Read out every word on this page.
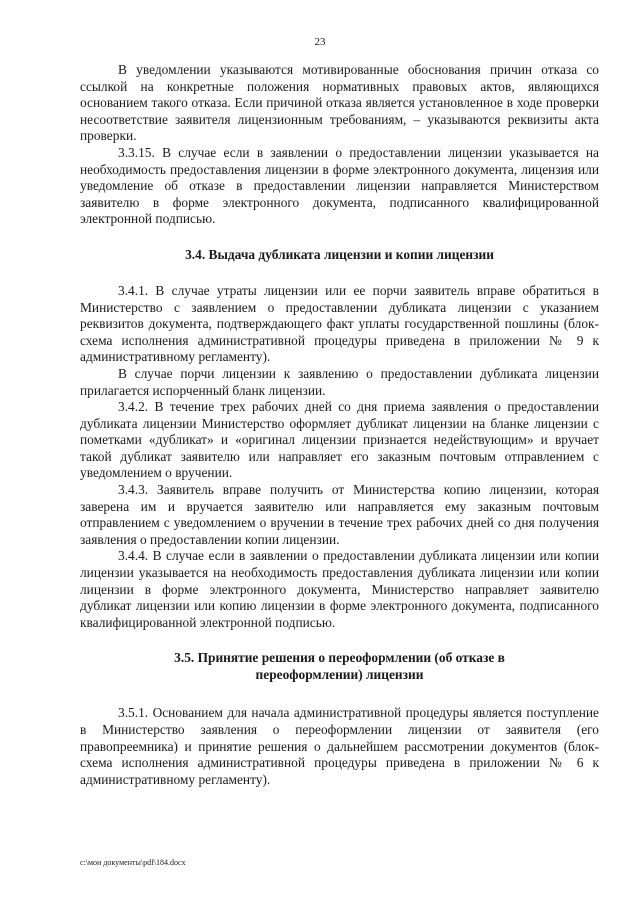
23

В уведомлении указываются мотивированные обоснования причин отказа со ссылкой на конкретные положения нормативных правовых актов, являющихся основанием такого отказа. Если причиной отказа является установленное в ходе проверки несоответствие заявителя лицензионным требованиям, – указываются реквизиты акта проверки.

3.3.15. В случае если в заявлении о предоставлении лицензии указывается на необходимость предоставления лицензии в форме электронного документа, лицензия или уведомление об отказе в предоставлении лицензии направляется Министерством заявителю в форме электронного документа, подписанного квалифицированной электронной подписью.

3.4. Выдача дубликата лицензии и копии лицензии

3.4.1. В случае утраты лицензии или ее порчи заявитель вправе обратиться в Министерство с заявлением о предоставлении дубликата лицензии с указанием реквизитов документа, подтверждающего факт уплаты государственной пошлины (блок-схема исполнения административной процедуры приведена в приложении № 9 к административному регламенту).

В случае порчи лицензии к заявлению о предоставлении дубликата лицензии прилагается испорченный бланк лицензии.

3.4.2. В течение трех рабочих дней со дня приема заявления о предоставлении дубликата лицензии Министерство оформляет дубликат лицензии на бланке лицензии с пометками «дубликат» и «оригинал лицензии признается недействующим» и вручает такой дубликат заявителю или направляет его заказным почтовым отправлением с уведомлением о вручении.

3.4.3. Заявитель вправе получить от Министерства копию лицензии, которая заверена им и вручается заявителю или направляется ему заказным почтовым отправлением с уведомлением о вручении в течение трех рабочих дней со дня получения заявления о предоставлении копии лицензии.

3.4.4. В случае если в заявлении о предоставлении дубликата лицензии или копии лицензии указывается на необходимость предоставления дубликата лицензии или копии лицензии в форме электронного документа, Министерство направляет заявителю дубликат лицензии или копию лицензии в форме электронного документа, подписанного квалифицированной электронной подписью.

3.5. Принятие решения о переоформлении (об отказе в
переоформлении) лицензии

3.5.1. Основанием для начала административной процедуры является поступление в Министерство заявления о переоформлении лицензии от заявителя (его правопреемника) и принятие решения о дальнейшем рассмотрении документов (блок-схема исполнения административной процедуры приведена в приложении № 6 к административному регламенту).

c:\мои документы\pdf\184.docx
